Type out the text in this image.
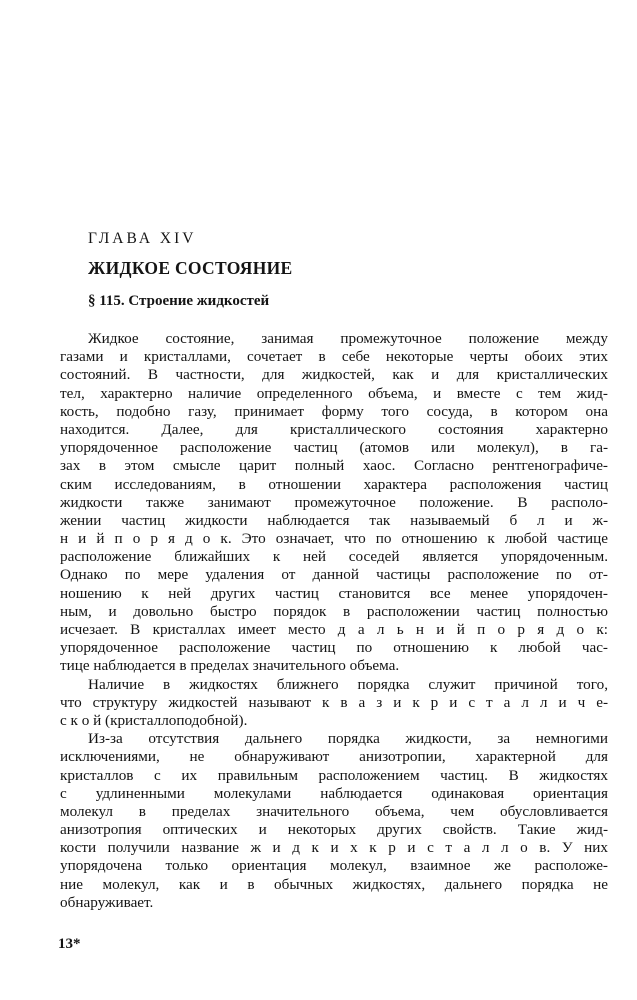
ГЛАВА XIV
ЖИДКОЕ СОСТОЯНИЕ
§ 115. Строение жидкостей
Жидкое состояние, занимая промежуточное положение между
газами и кристаллами, сочетает в себе некоторые черты обоих этих
состояний. В частности, для жидкостей, как и для кристаллических
тел, характерно наличие определенного объема, и вместе с тем жид-
кость, подобно газу, принимает форму того сосуда, в котором она
находится. Далее, для кристаллического состояния характерно
упорядоченное расположение частиц (атомов или молекул), в га-
зах в этом смысле царит полный хаос. Согласно рентгенографиче-
ским исследованиям, в отношении характера расположения частиц
жидкости также занимают промежуточное положение. В располо-
жении частиц жидкости наблюдается так называемый б л и ж-
н и й п о р я д о к. Это означает, что по отношению к любой частице
расположение ближайших к ней соседей является упорядоченным.
Однако по мере удаления от данной частицы расположение по от-
ношению к ней других частиц становится все менее упорядочен-
ным, и довольно быстро порядок в расположении частиц полностью
исчезает. В кристаллах имеет место д а л ь н и й п о р я д о к:
упорядоченное расположение частиц по отношению к любой час-
тице наблюдается в пределах значительного объема.
Наличие в жидкостях ближнего порядка служит причиной того,
что структуру жидкостей называют к в а з и к р и с т а л л и ч е-
с к о й (кристаллоподобной).
Из-за отсутствия дальнего порядка жидкости, за немногими
исключениями, не обнаруживают анизотропии, характерной для
кристаллов с их правильным расположением частиц. В жидкостях
с удлиненными молекулами наблюдается одинаковая ориентация
молекул в пределах значительного объема, чем обусловливается
анизотропия оптических и некоторых других свойств. Такие жид-
кости получили название ж и д к и х к р и с т а л л о в. У них
упорядочена только ориентация молекул, взаимное же расположе-
ние молекул, как и в обычных жидкостях, дальнего порядка не
обнаруживает.
13*
